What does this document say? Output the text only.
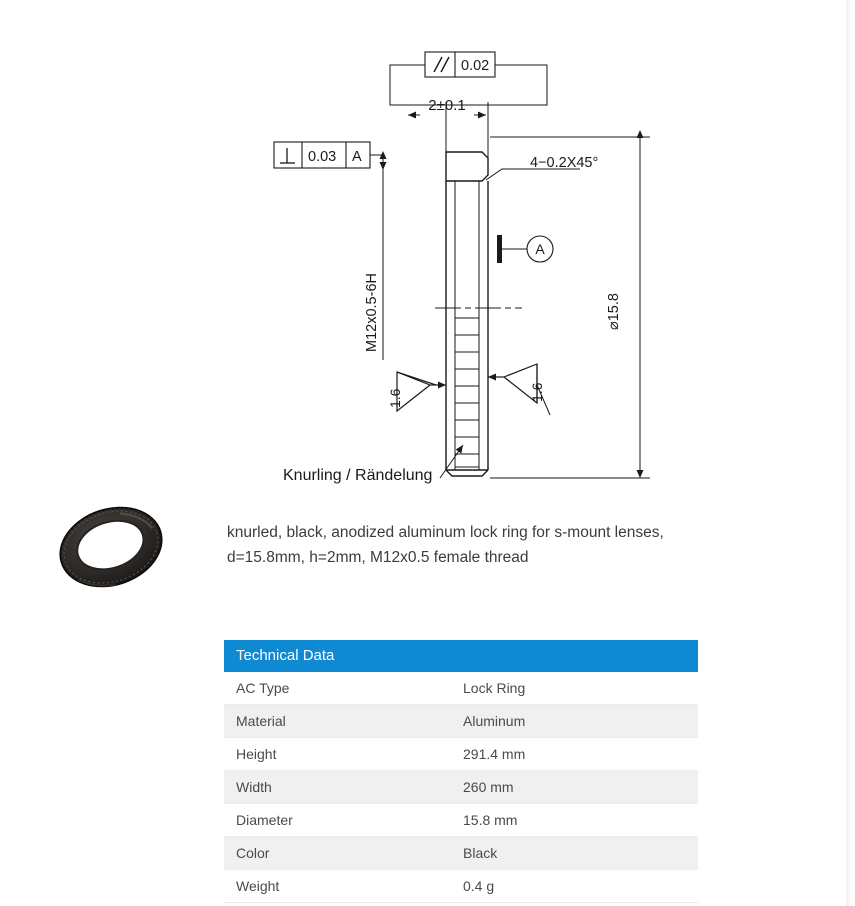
0.02
2±0.1
0.03 A
M12x0.5-6H
4−0.2X45°
A
1.6	1.6
⌀15.8
Knurling / Rändelung
knurled, black, anodized aluminum lock ring for s-mount lenses,
d=15.8mm, h=2mm, M12x0.5 female thread
Technical Data	
AC Type	Lock Ring
Material	Aluminum
Height	291.4 mm
Width	260 mm
Diameter	15.8 mm
Color	Black
Weight	0.4 g
